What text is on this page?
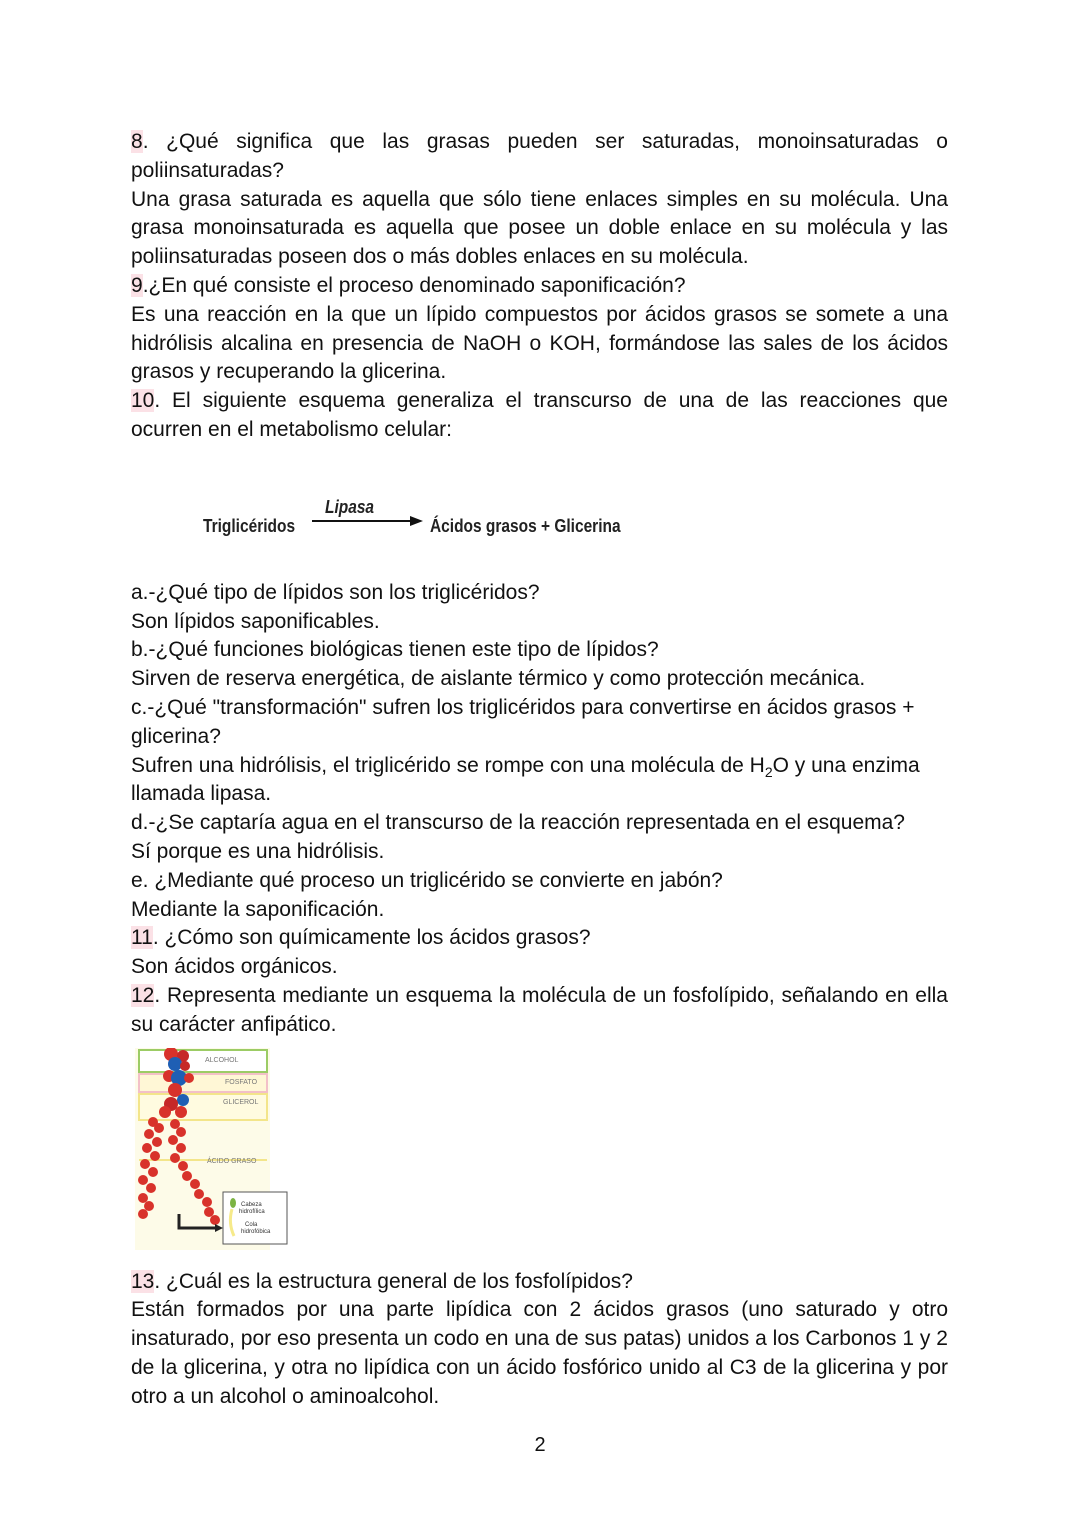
8. ¿Qué significa que las grasas pueden ser saturadas, monoinsaturadas o poliinsaturadas?

Una grasa saturada es aquella que sólo tiene enlaces simples en su molécula. Una grasa monoinsaturada es aquella que posee un doble enlace en su molécula y las poliinsaturadas poseen dos o más dobles enlaces en su molécula.

9.¿En qué consiste el proceso denominado saponificación?

Es una reacción en la que un lípido compuestos por ácidos grasos se somete a una hidrólisis alcalina en presencia de NaOH o KOH, formándose las sales de los ácidos grasos y recuperando la glicerina.

10. El siguiente esquema generaliza el transcurso de una de las reacciones que ocurren en el metabolismo celular:

Triglicéridos
Lipasa
Ácidos grasos + Glicerina

a.-¿Qué tipo de lípidos son los triglicéridos?

Son lípidos saponificables.

b.-¿Qué funciones biológicas tienen este tipo de lípidos?

Sirven de reserva energética, de aislante térmico y como protección mecánica.

c.-¿Qué "transformación" sufren los triglicéridos para convertirse en ácidos grasos + glicerina?

Sufren una hidrólisis, el triglicérido se rompe con una molécula de $H_2O$ y una enzima llamada lipasa.

d.-¿Se captaría agua en el transcurso de la reacción representada en el esquema?

Sí porque es una hidrólisis.

e. ¿Mediante qué proceso un triglicérido se convierte en jabón?

Mediante la saponificación.

11. ¿Cómo son químicamente los ácidos grasos?

Son ácidos orgánicos.

12. Representa mediante un esquema la molécula de un fosfolípido, señalando en ella su carácter anfipático.

ALCOHOL
FOSFATO
GLICEROL
ÁCIDO GRASO
Cabeza
hidrofílica
Cola
hidrofóbica

13. ¿Cuál es la estructura general de los fosfolípidos?

Están formados por una parte lipídica con 2 ácidos grasos (uno saturado y otro insaturado, por eso presenta un codo en una de sus patas) unidos a los Carbonos 1 y 2 de la glicerina, y otra no lipídica con un ácido fosfórico unido al C3 de la glicerina y por otro a un alcohol o aminoalcohol.

2
